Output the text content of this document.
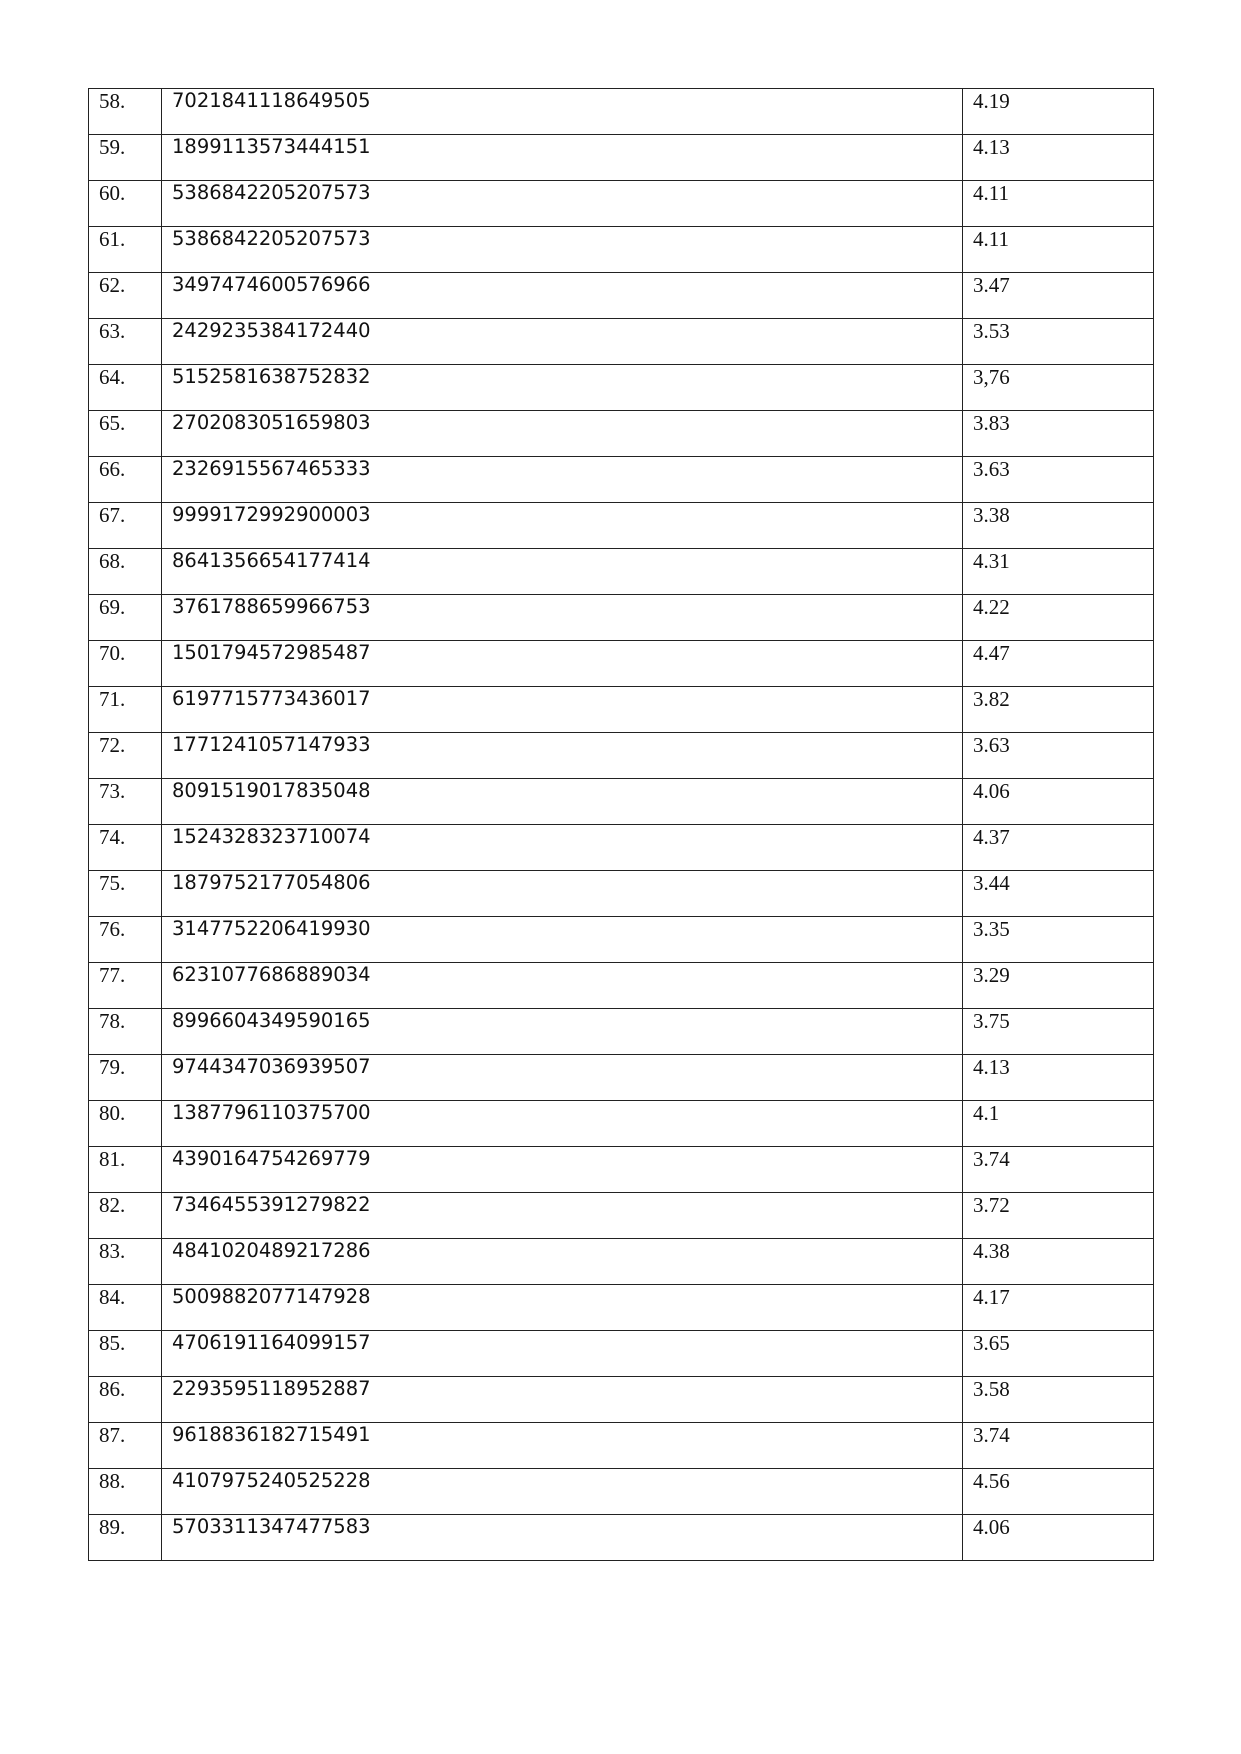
58.	7021841118649505	4.19
59.	1899113573444151	4.13
60.	5386842205207573	4.11
61.	5386842205207573	4.11
62.	3497474600576966	3.47
63.	2429235384172440	3.53
64.	5152581638752832	3,76
65.	2702083051659803	3.83
66.	2326915567465333	3.63
67.	9999172992900003	3.38
68.	8641356654177414	4.31
69.	3761788659966753	4.22
70.	1501794572985487	4.47
71.	6197715773436017	3.82
72.	1771241057147933	3.63
73.	8091519017835048	4.06
74.	1524328323710074	4.37
75.	1879752177054806	3.44
76.	3147752206419930	3.35
77.	6231077686889034	3.29
78.	8996604349590165	3.75
79.	9744347036939507	4.13
80.	1387796110375700	4.1
81.	4390164754269779	3.74
82.	7346455391279822	3.72
83.	4841020489217286	4.38
84.	5009882077147928	4.17
85.	4706191164099157	3.65
86.	2293595118952887	3.58
87.	9618836182715491	3.74
88.	4107975240525228	4.56
89.	5703311347477583	4.06
